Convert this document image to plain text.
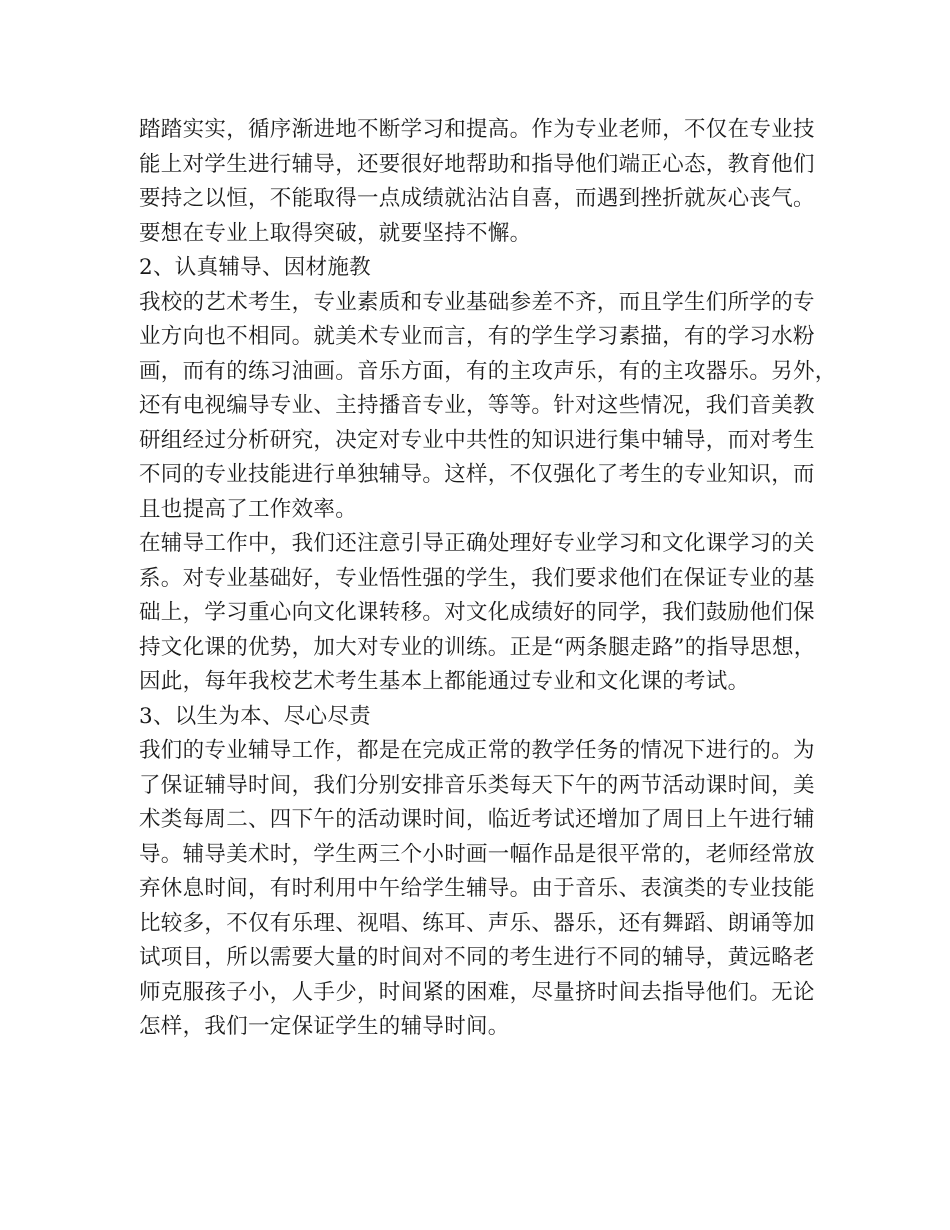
踏踏实实，循序渐进地不断学习和提高。作为专业老师，不仅在专业技
能上对学生进行辅导，还要很好地帮助和指导他们端正心态，教育他们
要持之以恒，不能取得一点成绩就沾沾自喜，而遇到挫折就灰心丧气。
要想在专业上取得突破，就要坚持不懈。

2、认真辅导、因材施教

我校的艺术考生，专业素质和专业基础参差不齐，而且学生们所学的专
业方向也不相同。就美术专业而言，有的学生学习素描，有的学习水粉
画，而有的练习油画。音乐方面，有的主攻声乐，有的主攻器乐。另外，
还有电视编导专业、主持播音专业，等等。针对这些情况，我们音美教
研组经过分析研究，决定对专业中共性的知识进行集中辅导，而对考生
不同的专业技能进行单独辅导。这样，不仅强化了考生的专业知识，而
且也提高了工作效率。

在辅导工作中，我们还注意引导正确处理好专业学习和文化课学习的关
系。对专业基础好，专业悟性强的学生，我们要求他们在保证专业的基
础上，学习重心向文化课转移。对文化成绩好的同学，我们鼓励他们保
持文化课的优势，加大对专业的训练。正是“两条腿走路”的指导思想，
因此，每年我校艺术考生基本上都能通过专业和文化课的考试。

3、以生为本、尽心尽责

我们的专业辅导工作，都是在完成正常的教学任务的情况下进行的。为
了保证辅导时间，我们分别安排音乐类每天下午的两节活动课时间，美
术类每周二、四下午的活动课时间，临近考试还增加了周日上午进行辅
导。辅导美术时，学生两三个小时画一幅作品是很平常的，老师经常放
弃休息时间，有时利用中午给学生辅导。由于音乐、表演类的专业技能
比较多，不仅有乐理、视唱、练耳、声乐、器乐，还有舞蹈、朗诵等加
试项目，所以需要大量的时间对不同的考生进行不同的辅导，黄远略老
师克服孩子小，人手少，时间紧的困难，尽量挤时间去指导他们。无论
怎样，我们一定保证学生的辅导时间。
